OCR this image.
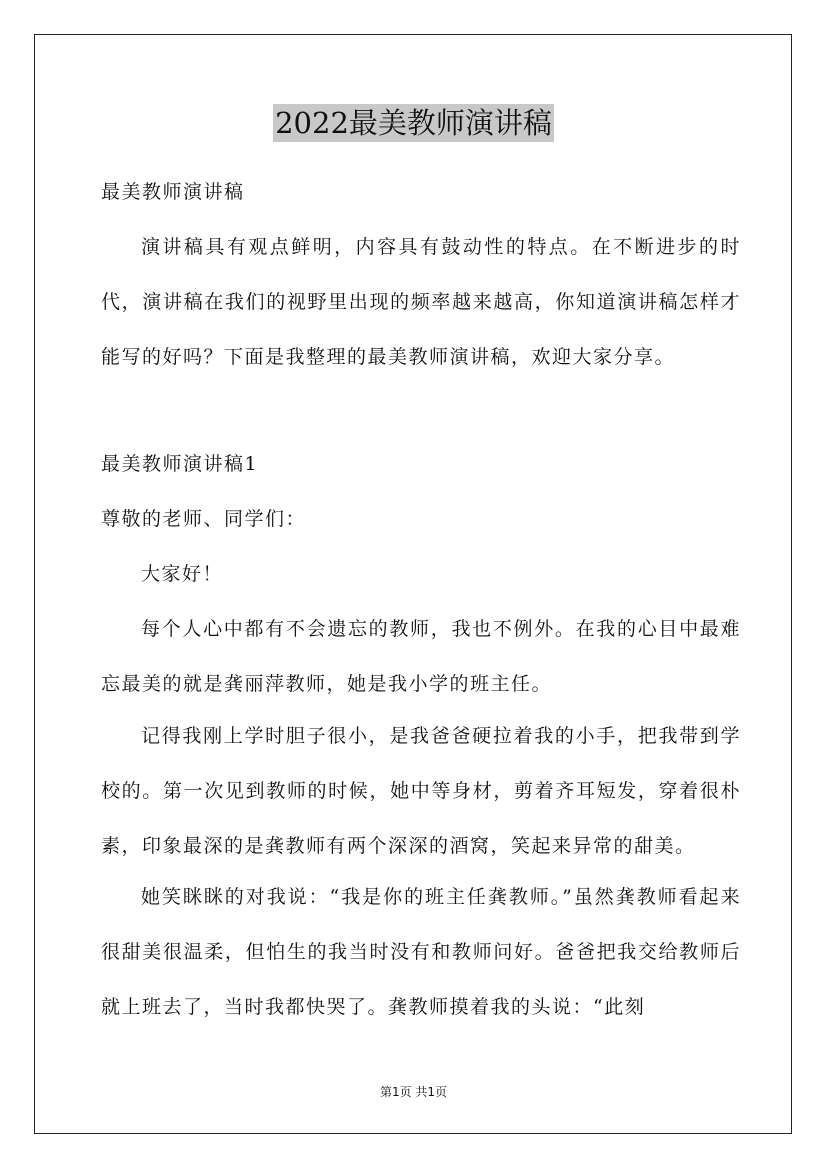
2022最美教师演讲稿
最美教师演讲稿
演讲稿具有观点鲜明，内容具有鼓动性的特点。在不断进步的时代，演讲稿在我们的视野里出现的频率越来越高，你知道演讲稿怎样才能写的好吗？下面是我整理的最美教师演讲稿，欢迎大家分享。
最美教师演讲稿1
尊敬的老师、同学们：
大家好！
每个人心中都有不会遗忘的教师，我也不例外。在我的心目中最难忘最美的就是龚丽萍教师，她是我小学的班主任。
记得我刚上学时胆子很小，是我爸爸硬拉着我的小手，把我带到学校的。第一次见到教师的时候，她中等身材，剪着齐耳短发，穿着很朴素，印象最深的是龚教师有两个深深的酒窝，笑起来异常的甜美。
她笑眯眯的对我说：“我是你的班主任龚教师。”虽然龚教师看起来很甜美很温柔，但怕生的我当时没有和教师问好。爸爸把我交给教师后就上班去了，当时我都快哭了。龚教师摸着我的头说：“此刻
第1页 共1页
